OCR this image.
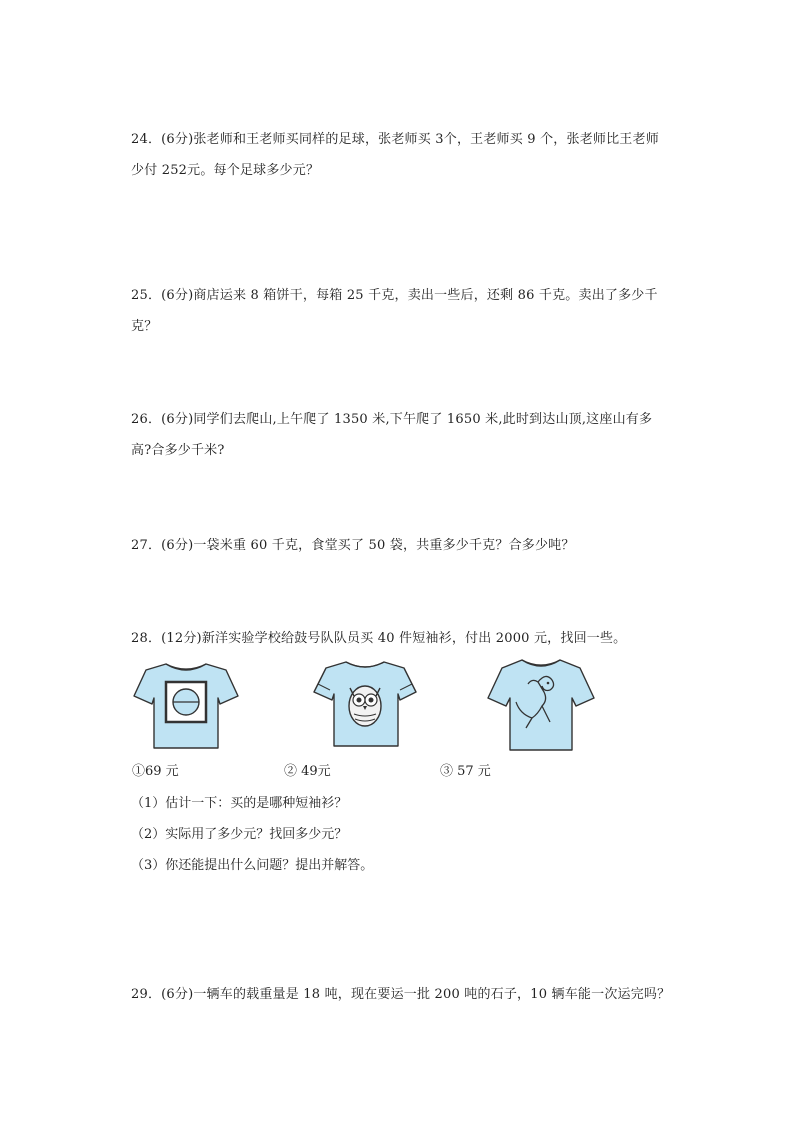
24．(6分)张老师和王老师买同样的足球，张老师买 3个，王老师买 9 个，张老师比王老师少付 252元。每个足球多少元？
25．(6分)商店运来 8 箱饼干，每箱 25 千克，卖出一些后，还剩 86 千克。卖出了多少千克？
26．(6分)同学们去爬山,上午爬了 1350 米,下午爬了 1650 米,此时到达山顶,这座山有多高?合多少千米?
27．(6分)一袋米重 60 千克，食堂买了 50 袋，共重多少千克？合多少吨？
28．(12分)新洋实验学校给鼓号队队员买 40 件短袖衫，付出 2000 元，找回一些。
①69 元	② 49元	③ 57 元
（1）估计一下：买的是哪种短袖衫？
（2）实际用了多少元？找回多少元？
（3）你还能提出什么问题？提出并解答。
29．(6分)一辆车的载重量是 18 吨，现在要运一批 200 吨的石子，10 辆车能一次运完吗？
